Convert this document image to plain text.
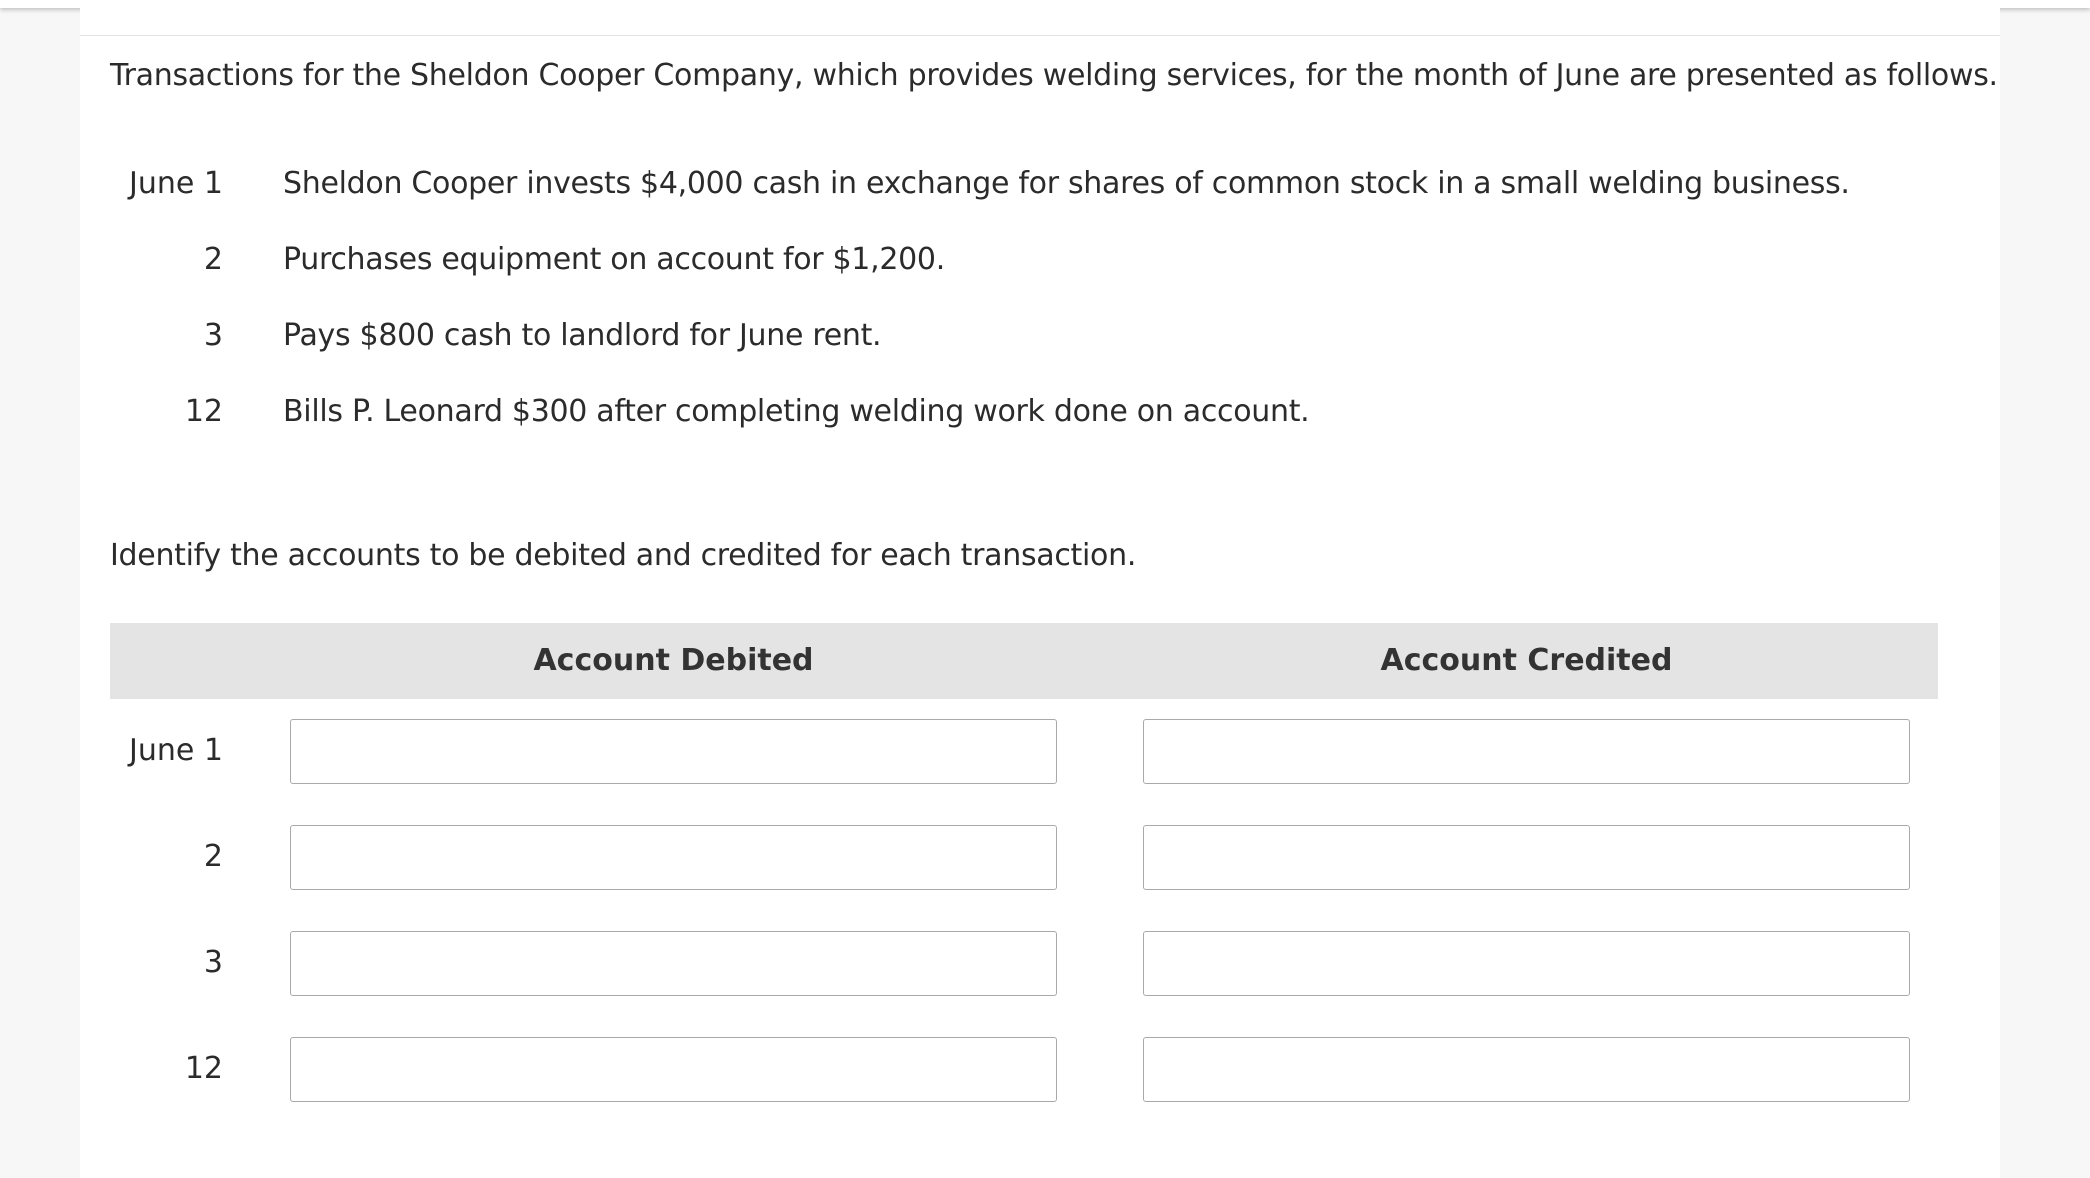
Transactions for the Sheldon Cooper Company, which provides welding services, for the month of June are presented as follows.
June 1 Sheldon Cooper invests $4,000 cash in exchange for shares of common stock in a small welding business.
2 Purchases equipment on account for $1,200.
3 Pays $800 cash to landlord for June rent.
12 Bills P. Leonard $300 after completing welding work done on account.
Identify the accounts to be debited and credited for each transaction.
Account Debited	Account Credited
June 1
2
3
12
